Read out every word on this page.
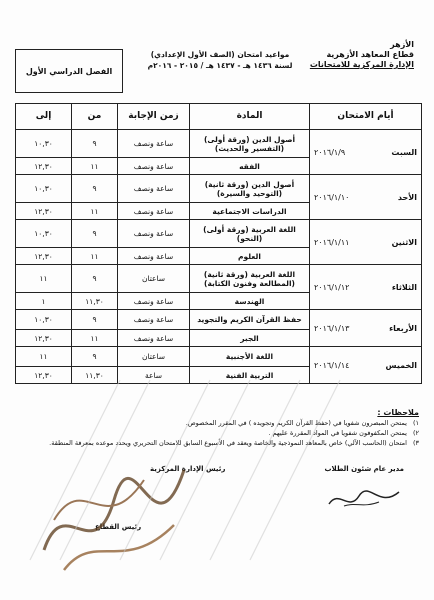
الأزهر
قطاع المعاهد الأزهرية
الإدارة المركزية للامتحانات
مواعيد امتحان (الصف الأول الإعدادي)
لسنة ١٤٣٦ هـ - ١٤٣٧ هـ / ٢٠١٥ - ٢٠١٦م
الفصل الدراسي الأول
أيام الامتحان	المادة	زمن الإجابة	من	إلى

السبت
٢٠١٦/١/٩	أصول الدين (ورقة أولى) (التفسير والحديث)	ساعة ونصف	٩	١٠,٣٠
	الفقه	ساعة ونصف	١١	١٢,٣٠

الأحد
٢٠١٦/١/١٠	أصول الدين (ورقة ثانية) (التوحيد والسيرة)	ساعة ونصف	٩	١٠,٣٠
	الدراسات الاجتماعية	ساعة ونصف	١١	١٢,٣٠

الاثنين
٢٠١٦/١/١١	اللغة العربية (ورقة أولى) (النحو)	ساعة ونصف	٩	١٠,٣٠
	العلوم	ساعة ونصف	١١	١٢,٣٠

الثلاثاء
٢٠١٦/١/١٢	اللغة العربية (ورقة ثانية) (المطالعة وفنون الكتابة)	ساعتان	٩	١١
	الهندسة	ساعة ونصف	١١,٣٠	١

الأربعاء
٢٠١٦/١/١٣	حفظ القرآن الكريم والتجويد	ساعة ونصف	٩	١٠,٣٠
	الجبر	ساعة ونصف	١١	١٢,٣٠

الخميس
٢٠١٦/١/١٤	اللغة الأجنبية	ساعتان	٩	١١
	التربية الفنية	ساعة	١١,٣٠	١٢,٣٠
ملاحظات :
١)
يمتحن المبصرون شفويا في (حفظ القرآن الكريم وتجويده ) في المقرر المخصوص.
٢)
يمتحن المكفوفون شفويا في المواد المقررة عليهم .
٣)
امتحان (الحاسب الآلي) خاص بالمعاهد النموذجية والخاصة ويعقد في الأسبوع السابق للامتحان التحريري ويحدد موعده بمعرفة المنطقة.
مدير عام شئون الطلاب
رئيس الإدارة المركزية
رئيس القطاع
